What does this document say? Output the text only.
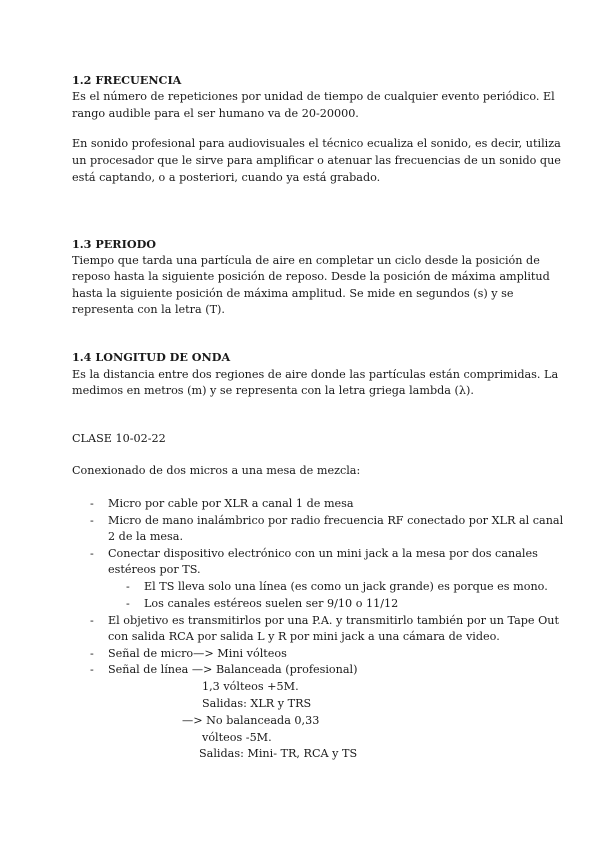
1.2 FRECUENCIA
Es el número de repeticiones por unidad de tiempo de cualquier evento periódico. El
rango audible para el ser humano va de 20-20000.
En sonido profesional para audiovisuales el técnico ecualiza el sonido, es decir, utiliza
un procesador que le sirve para amplificar o atenuar las frecuencias de un sonido que
está captando, o a posteriori, cuando ya está grabado.
1.3 PERIODO
Tiempo que tarda una partícula de aire en completar un ciclo desde la posición de
reposo hasta la siguiente posición de reposo. Desde la posición de máxima amplitud
hasta la siguiente posición de máxima amplitud. Se mide en segundos (s) y se
representa con la letra (T).
1.4 LONGITUD DE ONDA
Es la distancia entre dos regiones de aire donde las partículas están comprimidas. La
medimos en metros (m) y se representa con la letra griega lambda (λ).
CLASE 10-02-22
Conexionado de dos micros a una mesa de mezcla:
- Micro por cable por XLR a canal 1 de mesa
- Micro de mano inalámbrico por radio frecuencia RF conectado por XLR al canal
2 de la mesa.
- Conectar dispositivo electrónico con un mini jack a la mesa por dos canales
estéreos por TS.
- El TS lleva solo una línea (es como un jack grande) es porque es mono.
- Los canales estéreos suelen ser 9/10 o 11/12
- El objetivo es transmitirlos por una P.A. y transmitirlo también por un Tape Out
con salida RCA por salida L y R por mini jack a una cámara de video.
- Señal de micro—> Mini vólteos
- Señal de línea —> Balanceada (profesional)
1,3 vólteos +5M.
Salidas: XLR y TRS
—> No balanceada 0,33
vólteos -5M.
Salidas: Mini- TR, RCA y TS
